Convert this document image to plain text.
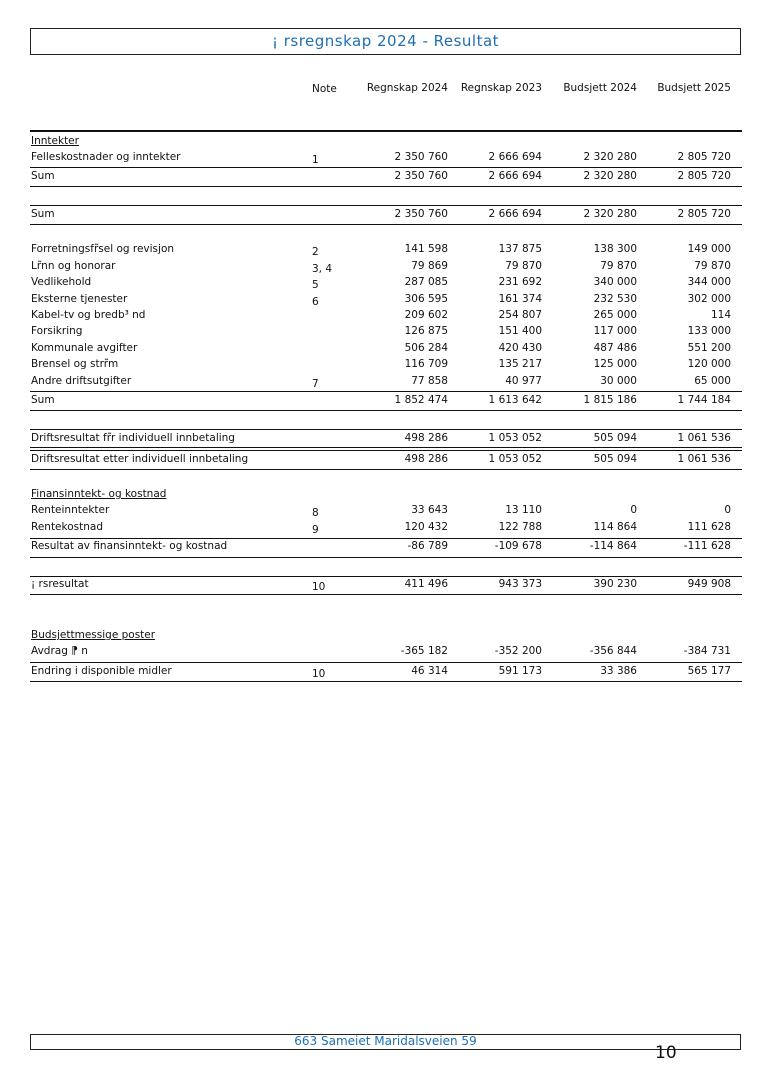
¡ rsregnskap 2024 - Resultat
Note	Regnskap 2024	Regnskap 2023	Budsjett 2024	Budsjett 2025
Inntekter
Felleskostnader og inntekter	1	2 350 760	2 666 694	2 320 280	2 805 720
Sum	2 350 760	2 666 694	2 320 280	2 805 720
Sum	2 350 760	2 666 694	2 320 280	2 805 720
Forretningsfr̃sel og revisjon	2	141 598	137 875	138 300	149 000
Lr̃nn og honorar	3, 4	79 869	79 870	79 870	79 870
Vedlikehold	5	287 085	231 692	340 000	344 000
Eksterne tjenester	6	306 595	161 374	232 530	302 000
Kabel-tv og bredb³ nd	209 602	254 807	265 000	114
Forsikring	126 875	151 400	117 000	133 000
Kommunale avgifter	506 284	420 430	487 486	551 200
Brensel og strr̃m	116 709	135 217	125 000	120 000
Andre driftsutgifter	7	77 858	40 977	30 000	65 000
Sum	1 852 474	1 613 642	1 815 186	1 744 184
Driftsresultat fr̃r individuell innbetaling	498 286	1 053 052	505 094	1 061 536
Driftsresultat etter individuell innbetaling	498 286	1 053 052	505 094	1 061 536
Finansinntekt- og kostnad
Renteinntekter	8	33 643	13 110	0	0
Rentekostnad	9	120 432	122 788	114 864	111 628
Resultat av finansinntekt- og kostnad	-86 789	-109 678	-114 864	-111 628
¡ rsresultat	10	411 496	943 373	390 230	949 908
Budsjettmessige poster
Avdrag ⁋ n	-365 182	-352 200	-356 844	-384 731
Endring i disponible midler	10	46 314	591 173	33 386	565 177
663 Sameiet Maridalsveien 59
10
